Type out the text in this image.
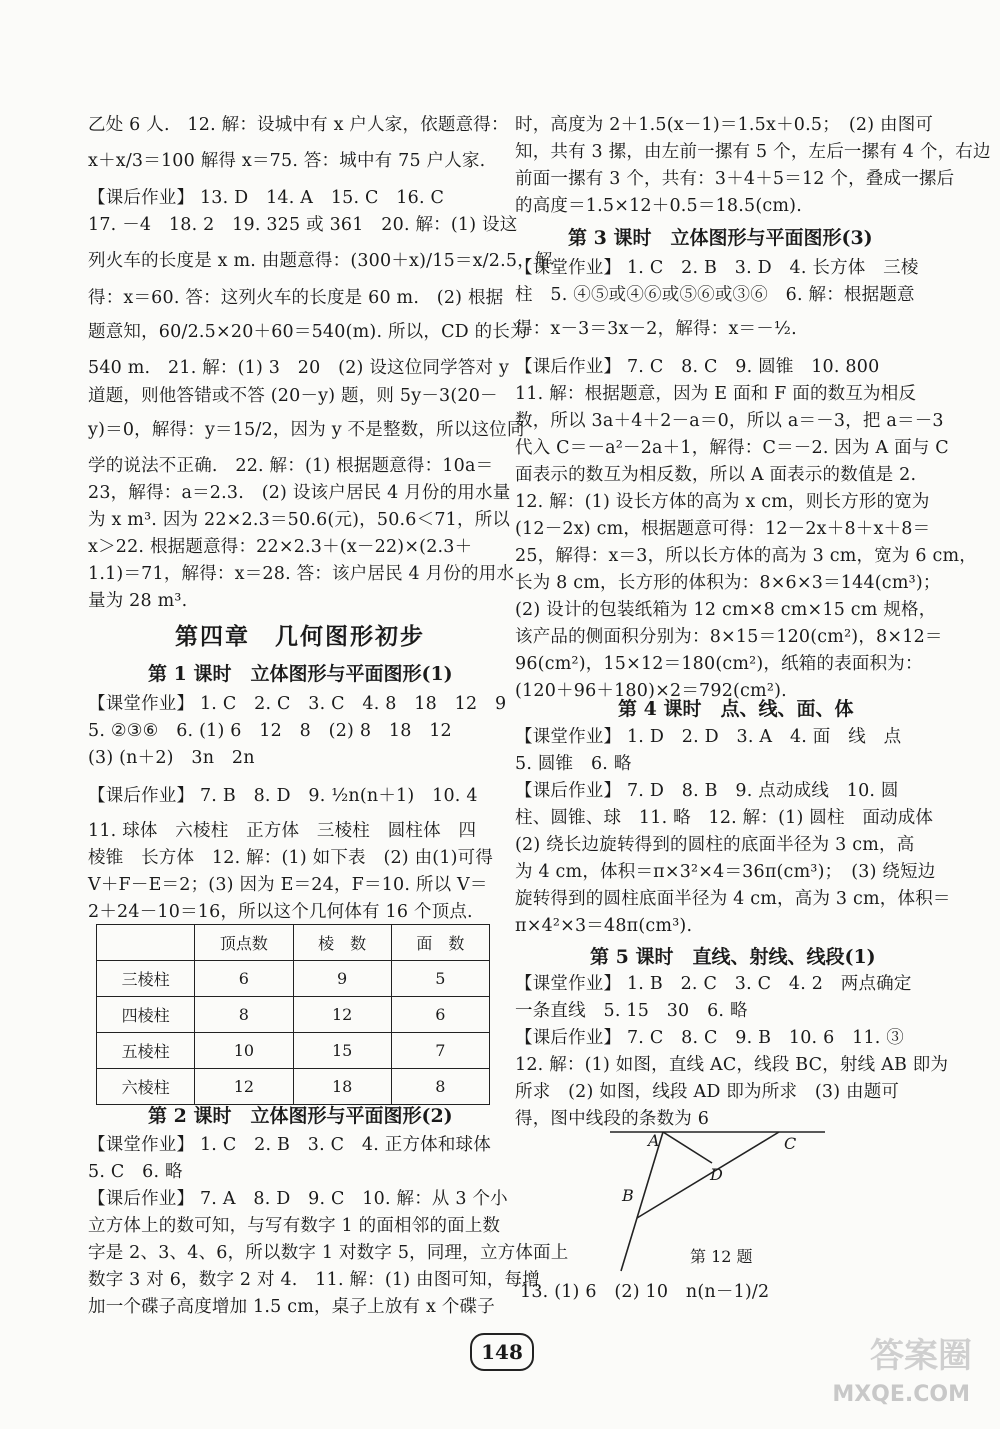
乙处 6 人.　12. 解：设城中有 x 户人家，依题意得：
x＋x/3＝100 解得 x＝75. 答：城中有 75 户人家.
【课后作业】 13. D　14. A　15. C　16. C
17. －4　18. 2　19. 325 或 361　20. 解：(1) 设这
列火车的长度是 x m. 由题意得：(300＋x)/15＝x/2.5，解
得：x＝60. 答：这列火车的长度是 60 m.　(2) 根据
题意知，60/2.5×20＋60＝540(m). 所以，CD 的长为
540 m.　21. 解：(1) 3　20　(2) 设这位同学答对 y
道题，则他答错或不答 (20－y) 题，则 5y－3(20－
y)＝0，解得：y＝15/2，因为 y 不是整数，所以这位同
学的说法不正确.　22. 解：(1) 根据题意得：10a＝
23，解得：a＝2.3.　(2) 设该户居民 4 月份的用水量
为 x m³. 因为 22×2.3＝50.6(元)，50.6＜71，所以
x＞22. 根据题意得：22×2.3＋(x－22)×(2.3＋
1.1)＝71，解得：x＝28. 答：该户居民 4 月份的用水
量为 28 m³.
第四章　几何图形初步
第 1 课时　立体图形与平面图形(1)
【课堂作业】 1. C　2. C　3. C　4. 8　18　12　9
5. ②③⑥　6. (1) 6　12　8　(2) 8　18　12
(3) (n＋2)　3n　2n
【课后作业】 7. B　8. D　9. ½n(n＋1)　10. 4
11. 球体　六棱柱　正方体　三棱柱　圆柱体　四
棱锥　长方体　12. 解：(1) 如下表　(2) 由(1)可得
V＋F－E＝2；(3) 因为 E＝24，F＝10. 所以 V＝
2＋24－10＝16，所以这个几何体有 16 个顶点.
	顶点数	棱　数	面　数
三棱柱	6	9	5
四棱柱	8	12	6
五棱柱	10	15	7
六棱柱	12	18	8
第 2 课时　立体图形与平面图形(2)
【课堂作业】 1. C　2. B　3. C　4. 正方体和球体
5. C　6. 略
【课后作业】 7. A　8. D　9. C　10. 解：从 3 个小
立方体上的数可知，与写有数字 1 的面相邻的面上数
字是 2、3、4、6，所以数字 1 对数字 5，同理，立方体面上
数字 3 对 6，数字 2 对 4.　11. 解：(1) 由图可知，每增
加一个碟子高度增加 1.5 cm，桌子上放有 x 个碟子
时，高度为 2＋1.5(x－1)＝1.5x＋0.5；　(2) 由图可
知，共有 3 摞，由左前一摞有 5 个，左后一摞有 4 个，右边
前面一摞有 3 个，共有：3＋4＋5＝12 个，叠成一摞后
的高度＝1.5×12＋0.5＝18.5(cm).
第 3 课时　立体图形与平面图形(3)
【课堂作业】 1. C　2. B　3. D　4. 长方体　三棱
柱　5. ④⑤或④⑥或⑤⑥或③⑥　6. 解：根据题意
得：x－3＝3x－2，解得：x＝－½.
【课后作业】 7. C　8. C　9. 圆锥　10. 800
11. 解：根据题意，因为 E 面和 F 面的数互为相反
数，所以 3a＋4＋2－a＝0，所以 a＝－3，把 a＝－3
代入 C＝－a²－2a＋1，解得：C＝－2. 因为 A 面与 C
面表示的数互为相反数，所以 A 面表示的数值是 2.
12. 解：(1) 设长方体的高为 x cm，则长方形的宽为
(12－2x) cm，根据题意可得：12－2x＋8＋x＋8＝
25，解得：x＝3，所以长方体的高为 3 cm，宽为 6 cm，
长为 8 cm，长方形的体积为：8×6×3＝144(cm³)；
(2) 设计的包装纸箱为 12 cm×8 cm×15 cm 规格，
该产品的侧面积分别为：8×15＝120(cm²)，8×12＝
96(cm²)，15×12＝180(cm²)，纸箱的表面积为：
(120＋96＋180)×2＝792(cm²).
第 4 课时　点、线、面、体
【课堂作业】 1. D　2. D　3. A　4. 面　线　点
5. 圆锥　6. 略
【课后作业】 7. D　8. B　9. 点动成线　10. 圆
柱、圆锥、球　11. 略　12. 解：(1) 圆柱　面动成体
(2) 绕长边旋转得到的圆柱的底面半径为 3 cm，高
为 4 cm，体积＝π×3²×4＝36π(cm³)；　(3) 绕短边
旋转得到的圆柱底面半径为 4 cm，高为 3 cm，体积＝
π×4²×3＝48π(cm³).
第 5 课时　直线、射线、线段(1)
【课堂作业】 1. B　2. C　3. C　4. 2　两点确定
一条直线　5. 15　30　6. 略
【课后作业】 7. C　8. C　9. B　10. 6　11. ③
12. 解：(1) 如图，直线 AC，线段 BC，射线 AB 即为
所求　(2) 如图，线段 AD 即为所求　(3) 由题可
得，图中线段的条数为 6
A	C
D
B
第 12 题
13. (1) 6　(2) 10　n(n－1)/2
148	答案圈
MXQE.COM
